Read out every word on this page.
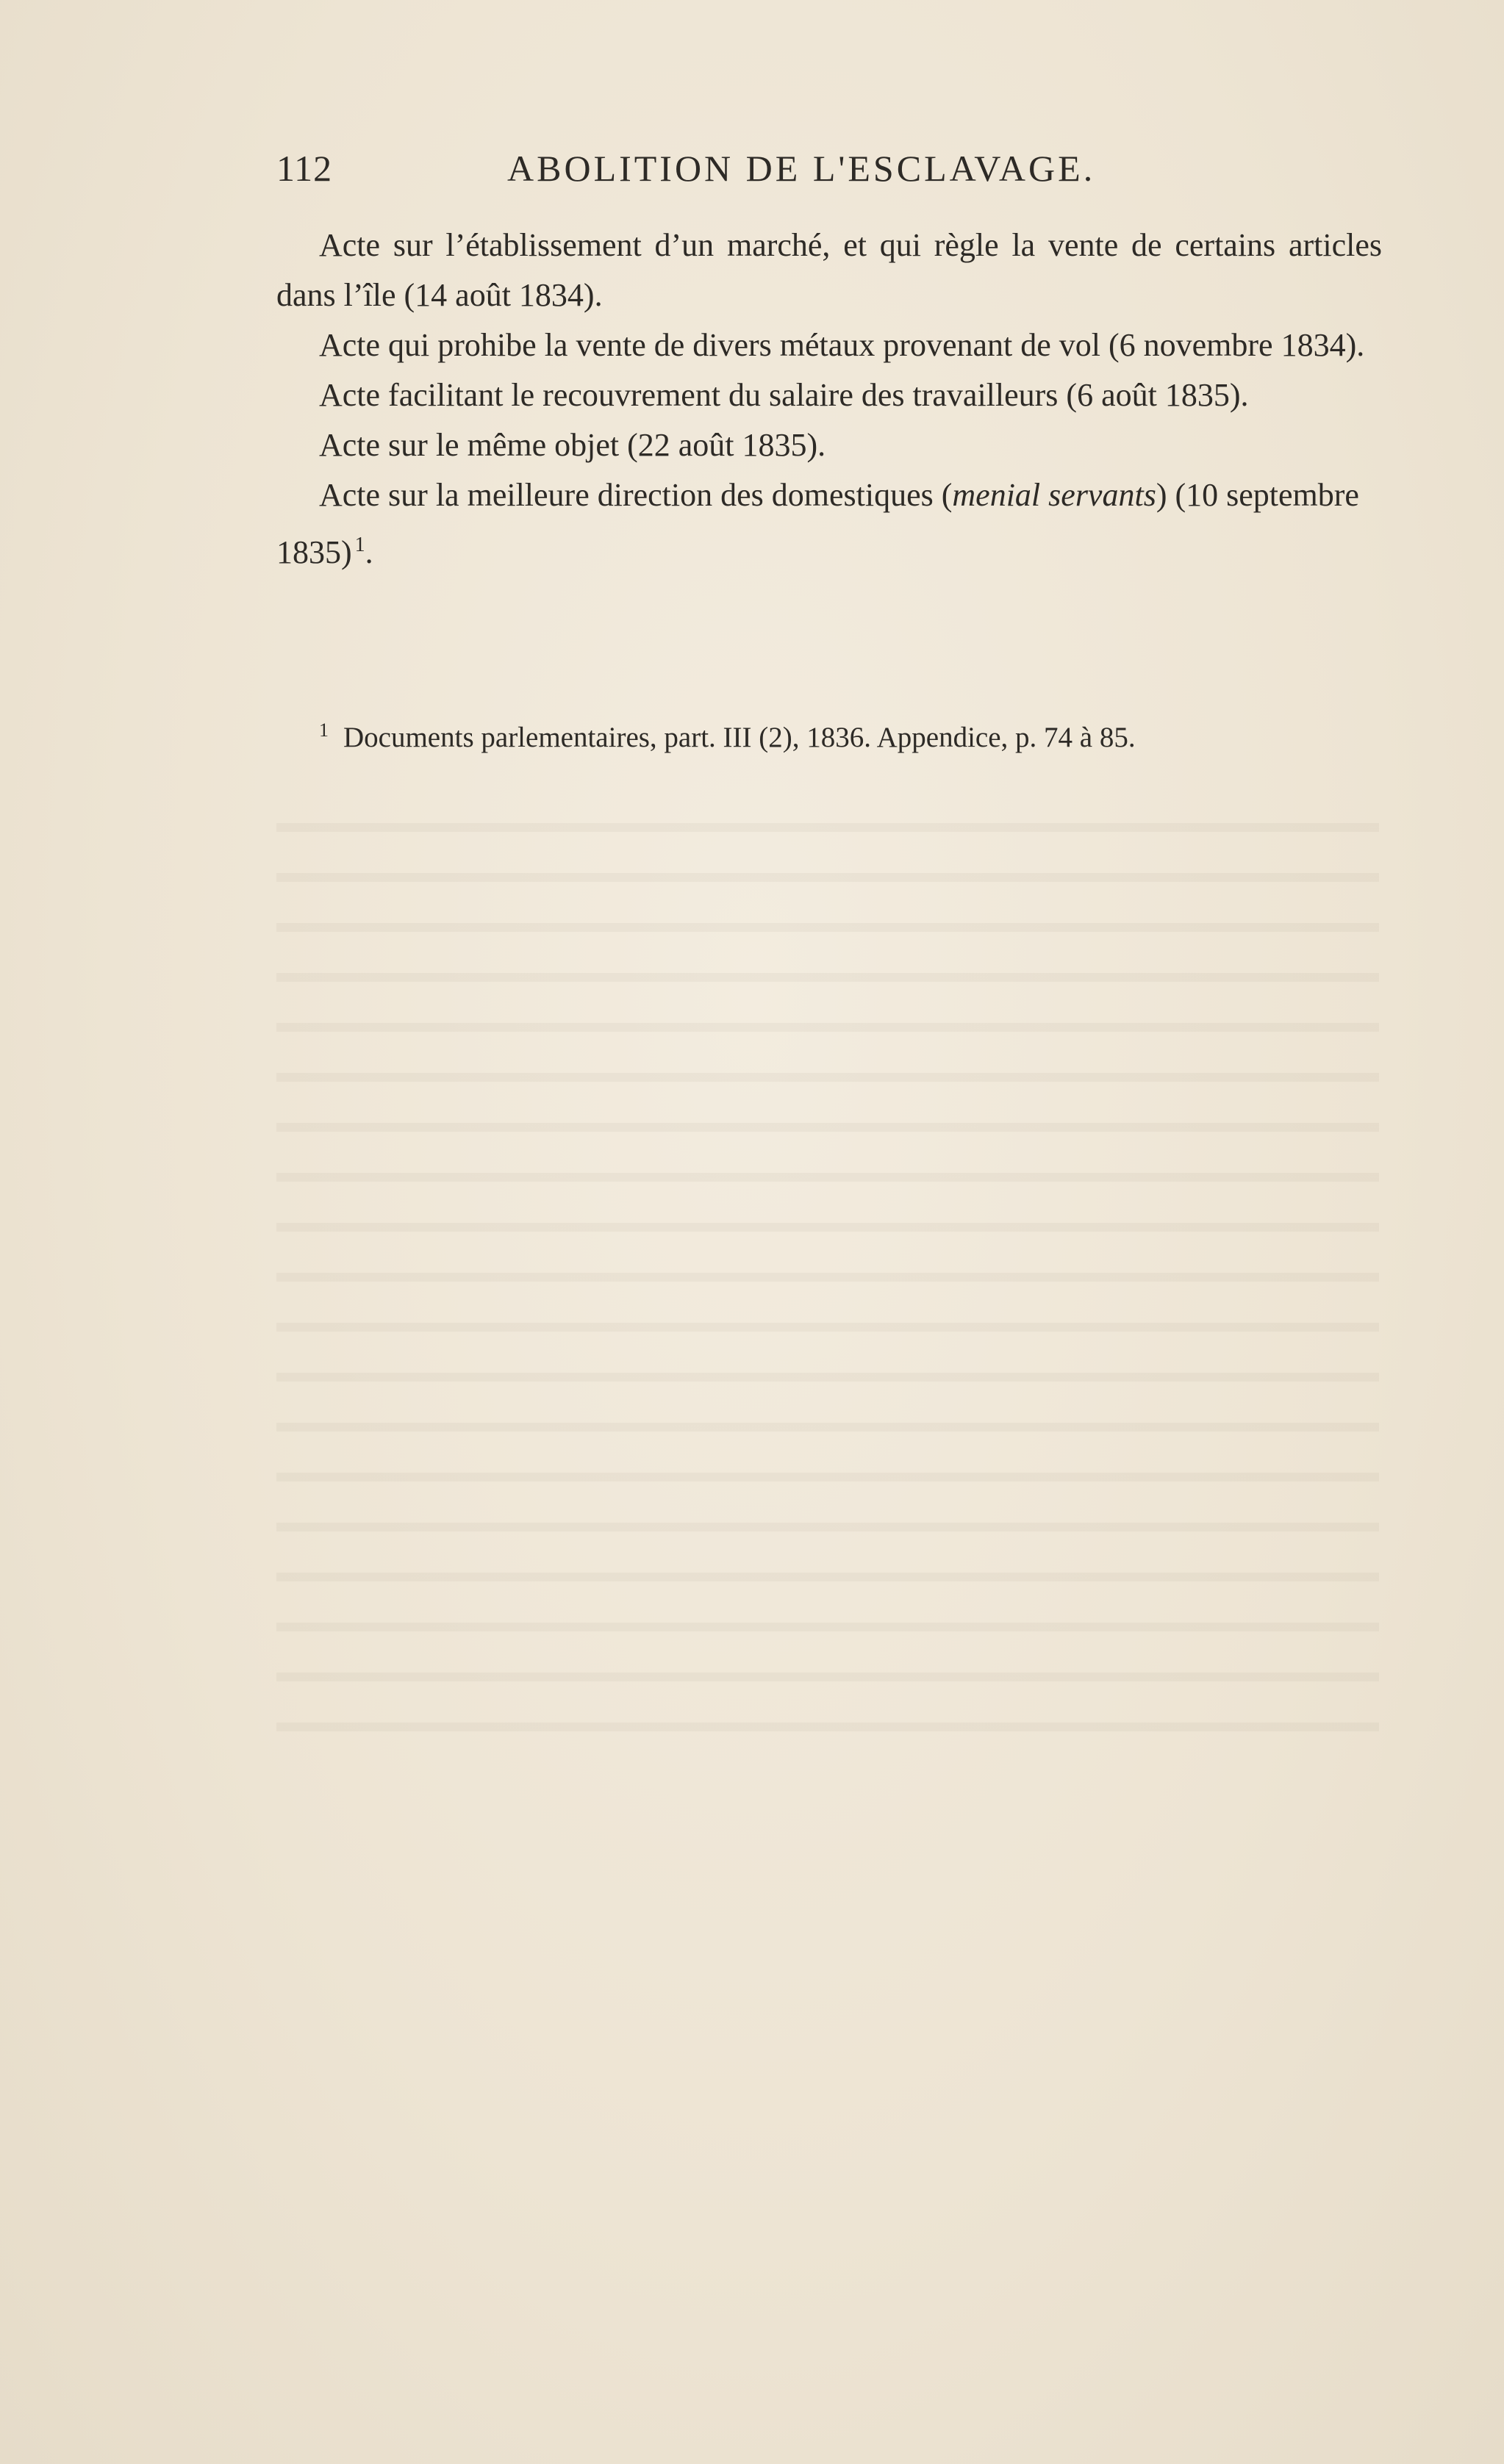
112	ABOLITION DE L'ESCLAVAGE.

Acte sur l’établissement d’un marché, et qui règle la vente de certains articles dans l’île (14 août 1834).

Acte qui prohibe la vente de divers métaux provenant de vol (6 novembre 1834).

Acte facilitant le recouvrement du salaire des travailleurs (6 août 1835).

Acte sur le même objet (22 août 1835).

Acte sur la meilleure direction des domestiques (menial servants) (10 septembre 1835) $^1$.

$^1$ Documents parlementaires, part. III (2), 1836. Appendice, p. 74 à 85.
